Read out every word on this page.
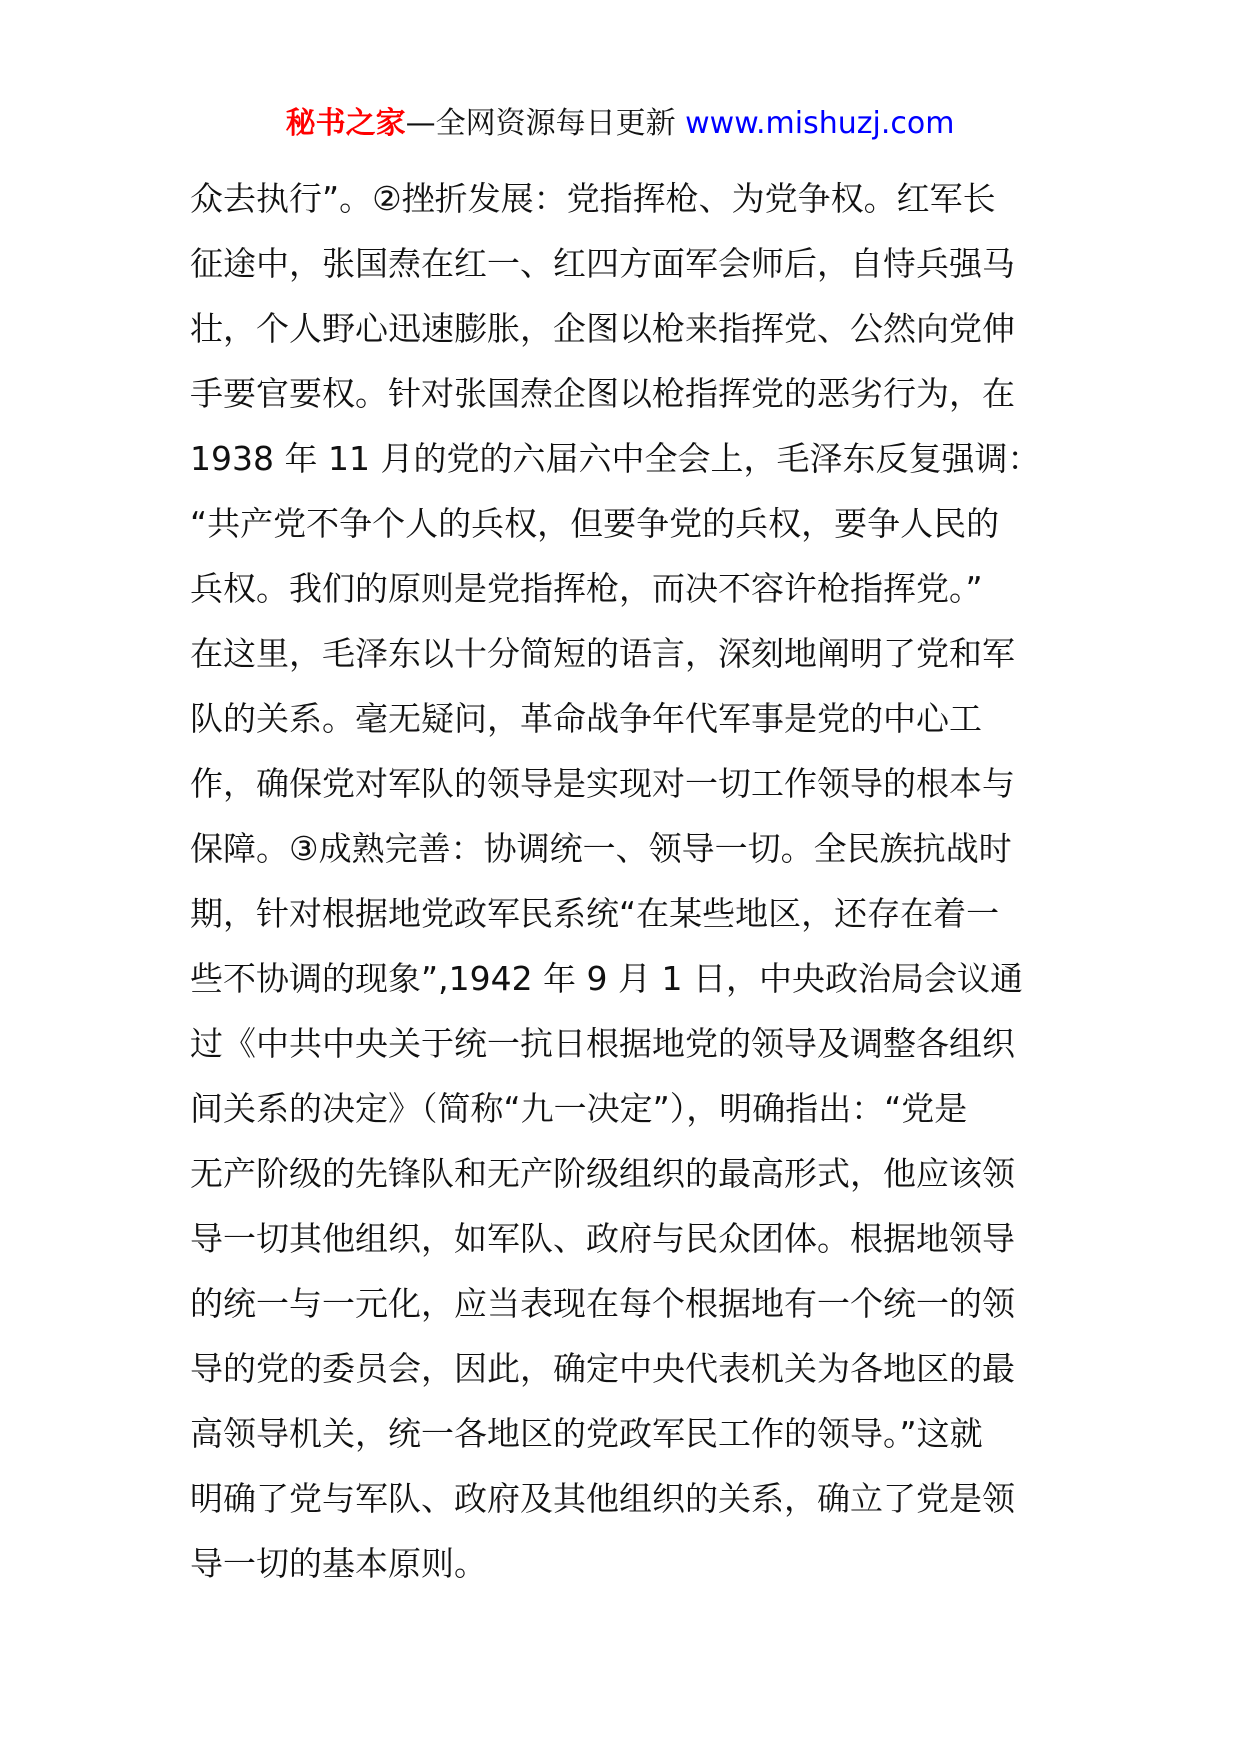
秘书之家—全网资源每日更新 www.mishuzj.com
众去执行”。②挫折发展：党指挥枪、为党争权。红军长
征途中，张国焘在红一、红四方面军会师后，自恃兵强马
壮，个人野心迅速膨胀，企图以枪来指挥党、公然向党伸
手要官要权。针对张国焘企图以枪指挥党的恶劣行为，在
1938 年 11 月的党的六届六中全会上，毛泽东反复强调：
“共产党不争个人的兵权，但要争党的兵权，要争人民的
兵权。我们的原则是党指挥枪，而决不容许枪指挥党。”
在这里，毛泽东以十分简短的语言，深刻地阐明了党和军
队的关系。毫无疑问，革命战争年代军事是党的中心工
作，确保党对军队的领导是实现对一切工作领导的根本与
保障。③成熟完善：协调统一、领导一切。全民族抗战时
期，针对根据地党政军民系统“在某些地区，还存在着一
些不协调的现象”,1942 年 9 月 1 日，中央政治局会议通
过《中共中央关于统一抗日根据地党的领导及调整各组织
间关系的决定》（简称“九一决定”），明确指出：“党是
无产阶级的先锋队和无产阶级组织的最高形式，他应该领
导一切其他组织，如军队、政府与民众团体。根据地领导
的统一与一元化，应当表现在每个根据地有一个统一的领
导的党的委员会，因此，确定中央代表机关为各地区的最
高领导机关，统一各地区的党政军民工作的领导。”这就
明确了党与军队、政府及其他组织的关系，确立了党是领
导一切的基本原则。
